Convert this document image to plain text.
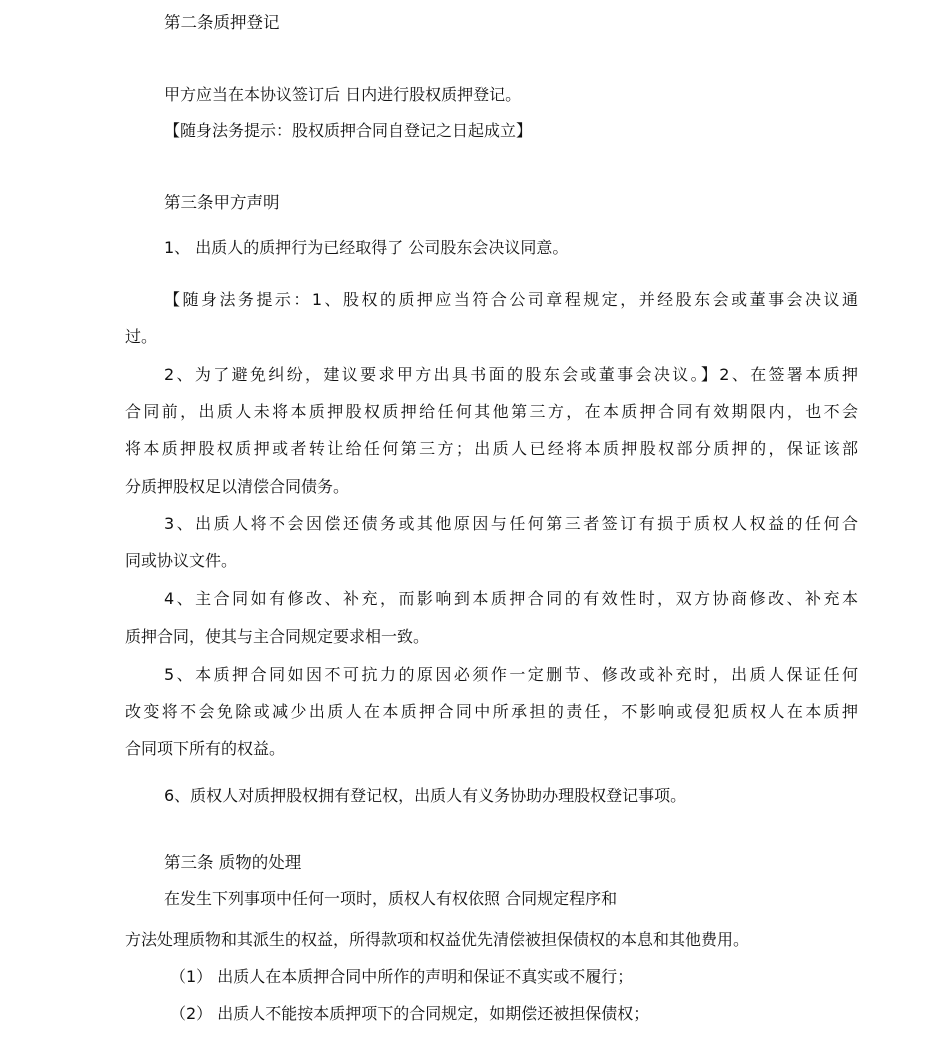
第二条质押登记

甲方应当在本协议签订后 日内进行股权质押登记。

【随身法务提示：股权质押合同自登记之日起成立】

第三条甲方声明

1、 出质人的质押行为已经取得了 公司股东会决议同意。

【随身法务提示：1、股权的质押应当符合公司章程规定，并经股东会或董事会决议通

过。

2、为了避免纠纷，建议要求甲方出具书面的股东会或董事会决议。】2、在签署本质押

合同前，出质人未将本质押股权质押给任何其他第三方，在本质押合同有效期限内，也不会

将本质押股权质押或者转让给任何第三方；出质人已经将本质押股权部分质押的，保证该部

分质押股权足以清偿合同债务。

3、出质人将不会因偿还债务或其他原因与任何第三者签订有损于质权人权益的任何合

同或协议文件。

4、主合同如有修改、补充，而影响到本质押合同的有效性时，双方协商修改、补充本

质押合同，使其与主合同规定要求相一致。

5、本质押合同如因不可抗力的原因必须作一定删节、修改或补充时，出质人保证任何

改变将不会免除或减少出质人在本质押合同中所承担的责任，不影响或侵犯质权人在本质押

合同项下所有的权益。

6、质权人对质押股权拥有登记权，出质人有义务协助办理股权登记事项。

第三条 质物的处理

在发生下列事项中任何一项时，质权人有权依照 合同规定程序和

方法处理质物和其派生的权益，所得款项和权益优先清偿被担保债权的本息和其他费用。

（1） 出质人在本质押合同中所作的声明和保证不真实或不履行；

（2） 出质人不能按本质押项下的合同规定，如期偿还被担保债权；
